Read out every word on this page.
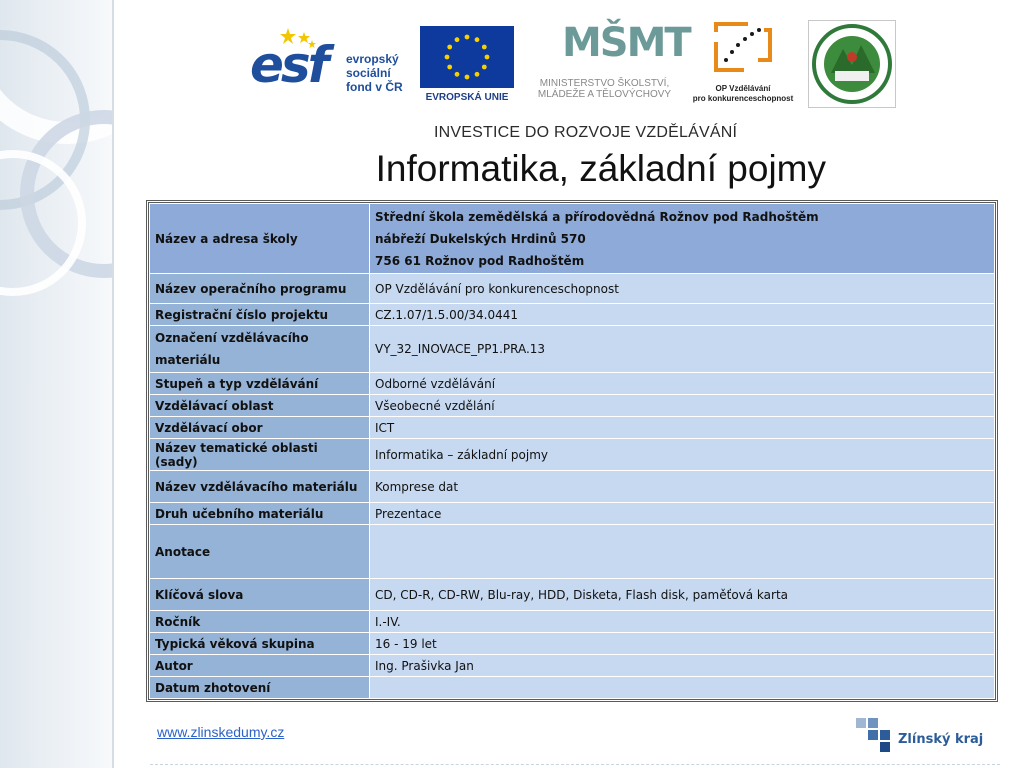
esf evropský
sociální
fond v ČR
EVROPSKÁ UNIE
MŠMT
MINISTERSTVO ŠKOLSTVÍ,
MLÁDEŽE A TĚLOVÝCHOVY
OP Vzdělávání
pro konkurenceschopnost
INVESTICE DO ROZVOJE VZDĚLÁVÁNÍ
Informatika, základní pojmy
Název a adresa školy	Střední škola zemědělská a přírodovědná Rožnov pod Radhoštěm
nábřeží Dukelských Hrdinů 570
756 61 Rožnov pod Radhoštěm

Název operačního programu	OP Vzdělávání pro konkurenceschopnost
Registrační číslo projektu	CZ.1.07/1.5.00/34.0441
Označení vzdělávacího materiálu	VY_32_INOVACE_PP1.PRA.13
Stupeň a typ vzdělávání	Odborné vzdělávání
Vzdělávací oblast	Všeobecné vzdělání
Vzdělávací obor	ICT
Název tematické oblasti (sady)	Informatika – základní pojmy
Název vzdělávacího materiálu	Komprese dat
Druh učebního materiálu	Prezentace
Anotace	
Klíčová slova	CD, CD-R, CD-RW, Blu-ray, HDD, Disketa, Flash disk, paměťová karta
Ročník	I.-IV.
Typická věková skupina	16 - 19 let
Autor	Ing. Prašivka Jan
Datum zhotovení	
www.zlinskedumy.cz	Zlínský kraj
